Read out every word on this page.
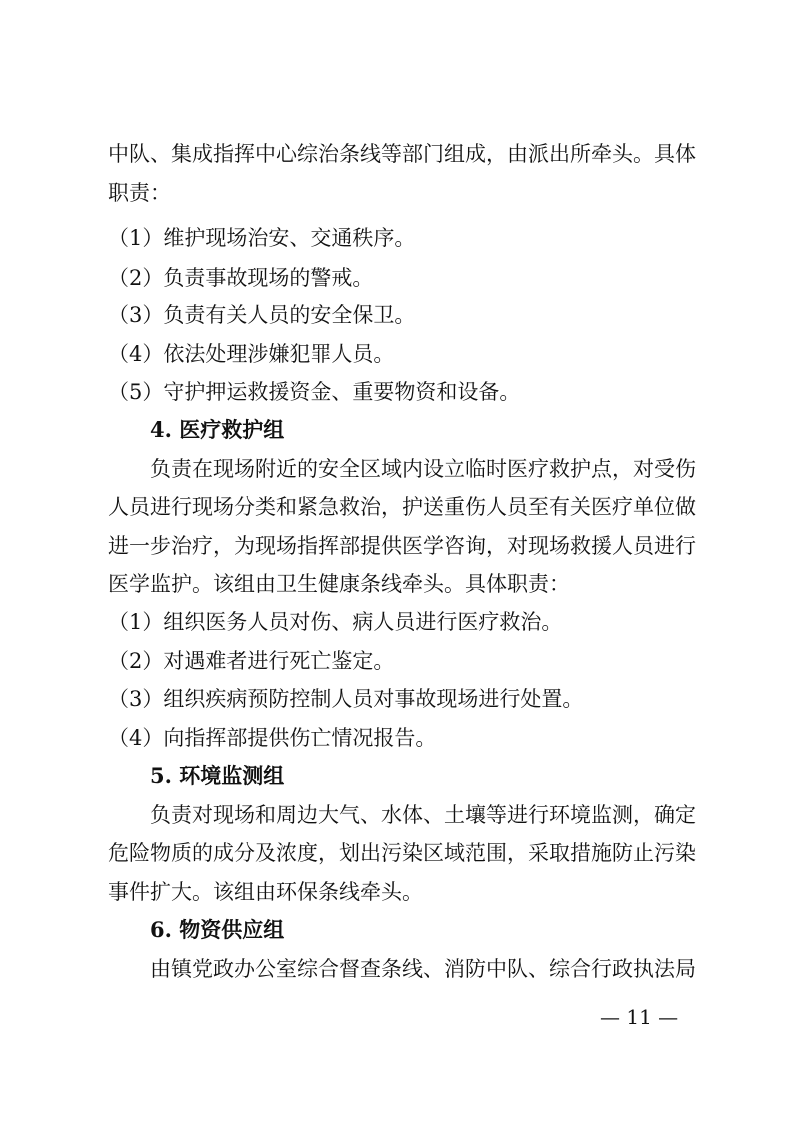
中队、集成指挥中心综治条线等部门组成，由派出所牵头。具体

职责：

（1）维护现场治安、交通秩序。

（2）负责事故现场的警戒。

（3）负责有关人员的安全保卫。

（4）依法处理涉嫌犯罪人员。

（5）守护押运救援资金、重要物资和设备。

4. 医疗救护组

负责在现场附近的安全区域内设立临时医疗救护点，对受伤

人员进行现场分类和紧急救治，护送重伤人员至有关医疗单位做

进一步治疗，为现场指挥部提供医学咨询，对现场救援人员进行

医学监护。该组由卫生健康条线牵头。具体职责：

（1）组织医务人员对伤、病人员进行医疗救治。

（2）对遇难者进行死亡鉴定。

（3）组织疾病预防控制人员对事故现场进行处置。

（4）向指挥部提供伤亡情况报告。

5. 环境监测组

负责对现场和周边大气、水体、土壤等进行环境监测，确定

危险物质的成分及浓度，划出污染区域范围，采取措施防止污染

事件扩大。该组由环保条线牵头。

6. 物资供应组

由镇党政办公室综合督查条线、消防中队、综合行政执法局

— 11 —
